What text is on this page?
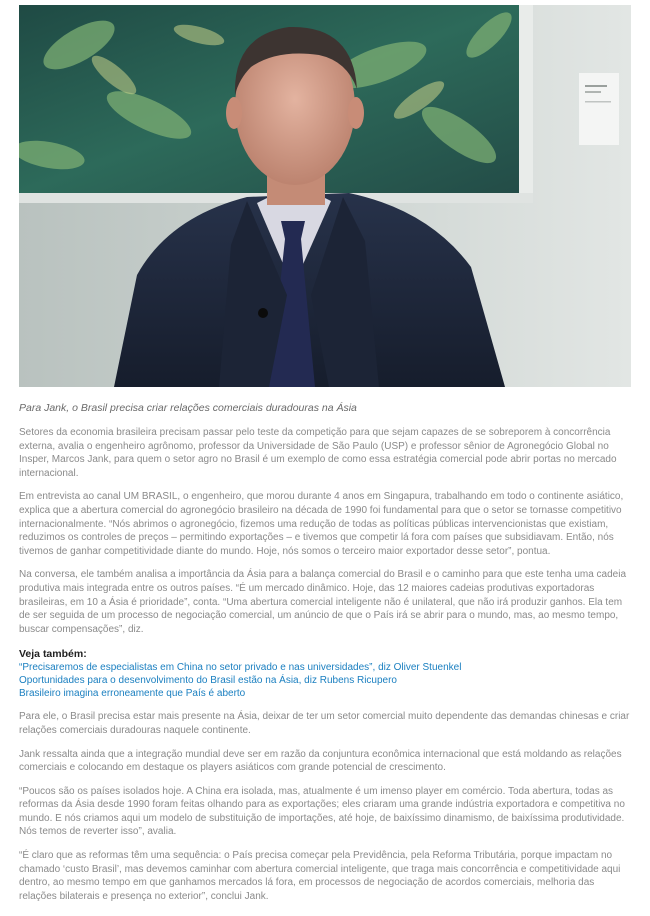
Para Jank, o Brasil precisa criar relações comerciais duradouras na Ásia

Setores da economia brasileira precisam passar pelo teste da competição para que sejam capazes de se sobreporem à concorrência externa, avalia o engenheiro agrônomo, professor da Universidade de São Paulo (USP) e professor sênior de Agronegócio Global no Insper, Marcos Jank, para quem o setor agro no Brasil é um exemplo de como essa estratégia comercial pode abrir portas no mercado internacional.

Em entrevista ao canal UM BRASIL, o engenheiro, que morou durante 4 anos em Singapura, trabalhando em todo o continente asiático, explica que a abertura comercial do agronegócio brasileiro na década de 1990 foi fundamental para que o setor se tornasse competitivo internacionalmente. “Nós abrimos o agronegócio, fizemos uma redução de todas as políticas públicas intervencionistas que existiam, reduzimos os controles de preços – permitindo exportações – e tivemos que competir lá fora com países que subsidiavam. Então, nós tivemos de ganhar competitividade diante do mundo. Hoje, nós somos o terceiro maior exportador desse setor”, pontua.

Na conversa, ele também analisa a importância da Ásia para a balança comercial do Brasil e o caminho para que este tenha uma cadeia produtiva mais integrada entre os outros países. “É um mercado dinâmico. Hoje, das 12 maiores cadeias produtivas exportadoras brasileiras, em 10 a Ásia é prioridade”, conta. “Uma abertura comercial inteligente não é unilateral, que não irá produzir ganhos. Ela tem de ser seguida de um processo de negociação comercial, um anúncio de que o País irá se abrir para o mundo, mas, ao mesmo tempo, buscar compensações”, diz.

Veja também:
“Precisaremos de especialistas em China no setor privado e nas universidades”, diz Oliver Stuenkel
Oportunidades para o desenvolvimento do Brasil estão na Ásia, diz Rubens Ricupero
Brasileiro imagina erroneamente que País é aberto

Para ele, o Brasil precisa estar mais presente na Ásia, deixar de ter um setor comercial muito dependente das demandas chinesas e criar relações comerciais duradouras naquele continente.

Jank ressalta ainda que a integração mundial deve ser em razão da conjuntura econômica internacional que está moldando as relações comerciais e colocando em destaque os players asiáticos com grande potencial de crescimento.

“Poucos são os países isolados hoje. A China era isolada, mas, atualmente é um imenso player em comércio. Toda abertura, todas as reformas da Ásia desde 1990 foram feitas olhando para as exportações; eles criaram uma grande indústria exportadora e competitiva no mundo. E nós criamos aqui um modelo de substituição de importações, até hoje, de baixíssimo dinamismo, de baixíssima produtividade. Nós temos de reverter isso”, avalia.

“É claro que as reformas têm uma sequência: o País precisa começar pela Previdência, pela Reforma Tributária, porque impactam no chamado ‘custo Brasil’, mas devemos caminhar com abertura comercial inteligente, que traga mais concorrência e competitividade aqui dentro, ao mesmo tempo em que ganhamos mercados lá fora, em processos de negociação de acordos comerciais, melhoria das relações bilaterais e presença no exterior”, conclui Jank.
